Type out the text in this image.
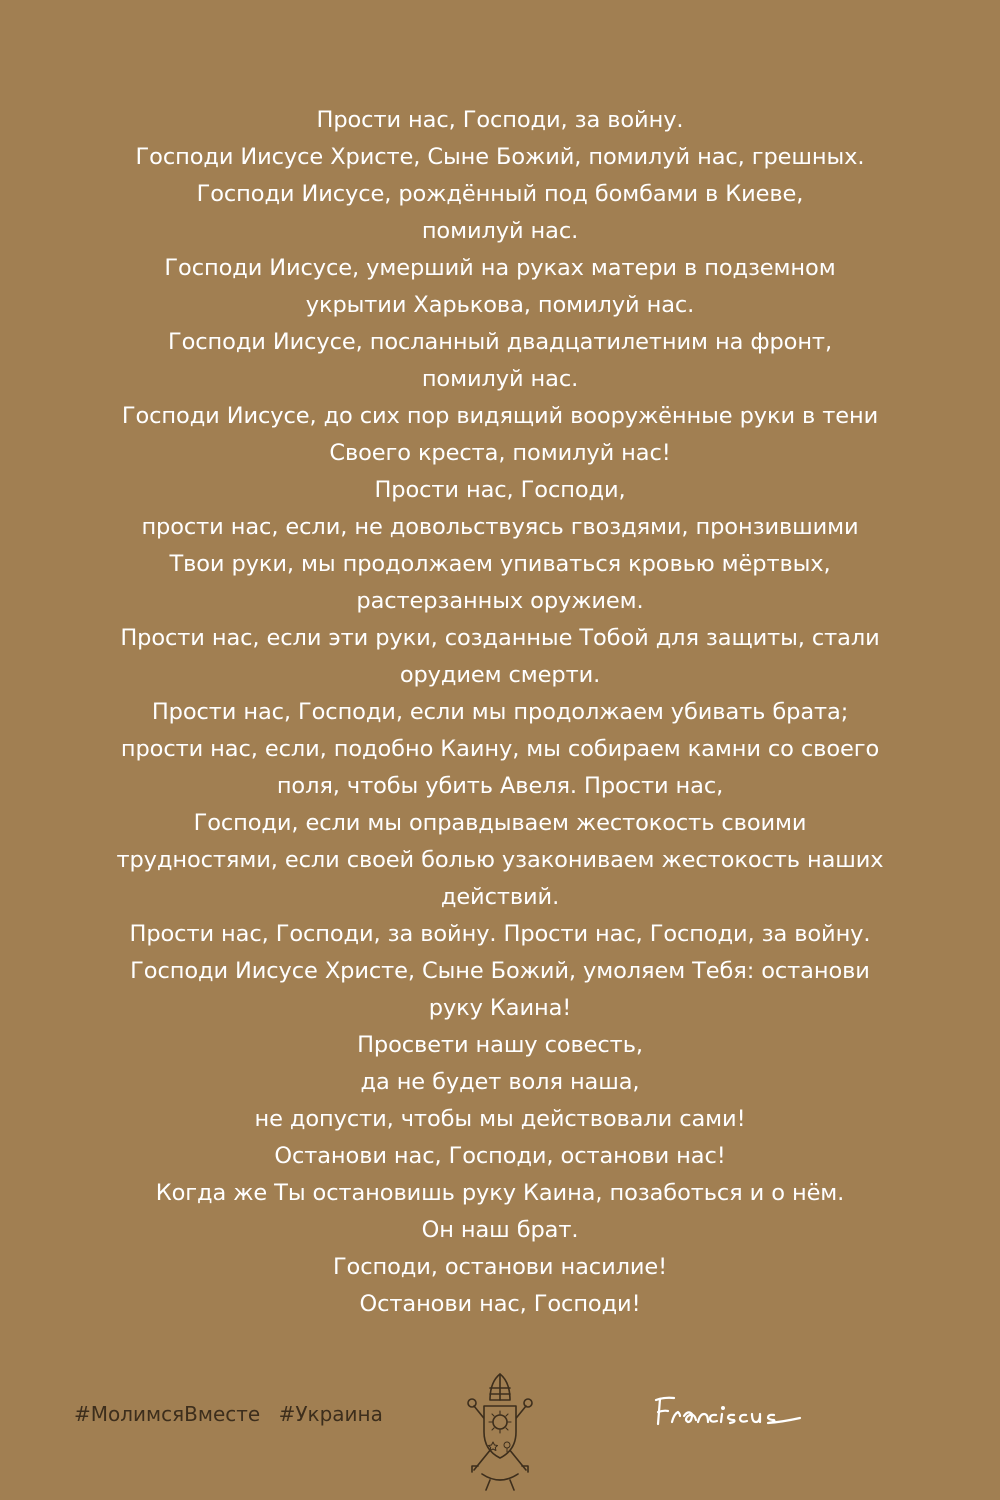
Прости нас, Господи, за войну.
Господи Иисусе Христе, Сыне Божий, помилуй нас, грешных.
Господи Иисусе, рождённый под бомбами в Киеве,
помилуй нас.
Господи Иисусе, умерший на руках матери в подземном
укрытии Харькова, помилуй нас.
Господи Иисусе, посланный двадцатилетним на фронт,
помилуй нас.
Господи Иисусе, до сих пор видящий вооружённые руки в тени
Своего креста, помилуй нас!
Прости нас, Господи,
прости нас, если, не довольствуясь гвоздями, пронзившими
Твои руки, мы продолжаем упиваться кровью мёртвых,
растерзанных оружием.
Прости нас, если эти руки, созданные Тобой для защиты, стали
орудием смерти.
Прости нас, Господи, если мы продолжаем убивать брата;
прости нас, если, подобно Каину, мы собираем камни со своего
поля, чтобы убить Авеля. Прости нас,
Господи, если мы оправдываем жестокость своими
трудностями, если своей болью узакониваем жестокость наших
действий.
Прости нас, Господи, за войну. Прости нас, Господи, за войну.
Господи Иисусе Христе, Сыне Божий, умоляем Тебя: останови
руку Каина!
Просвети нашу совесть,
да не будет воля наша,
не допусти, чтобы мы действовали сами!
Останови нас, Господи, останови нас!
Когда же Ты остановишь руку Каина, позаботься и о нём.
Он наш брат.
Господи, останови насилие!
Останови нас, Господи!
#МолимсяВместе #Украина
